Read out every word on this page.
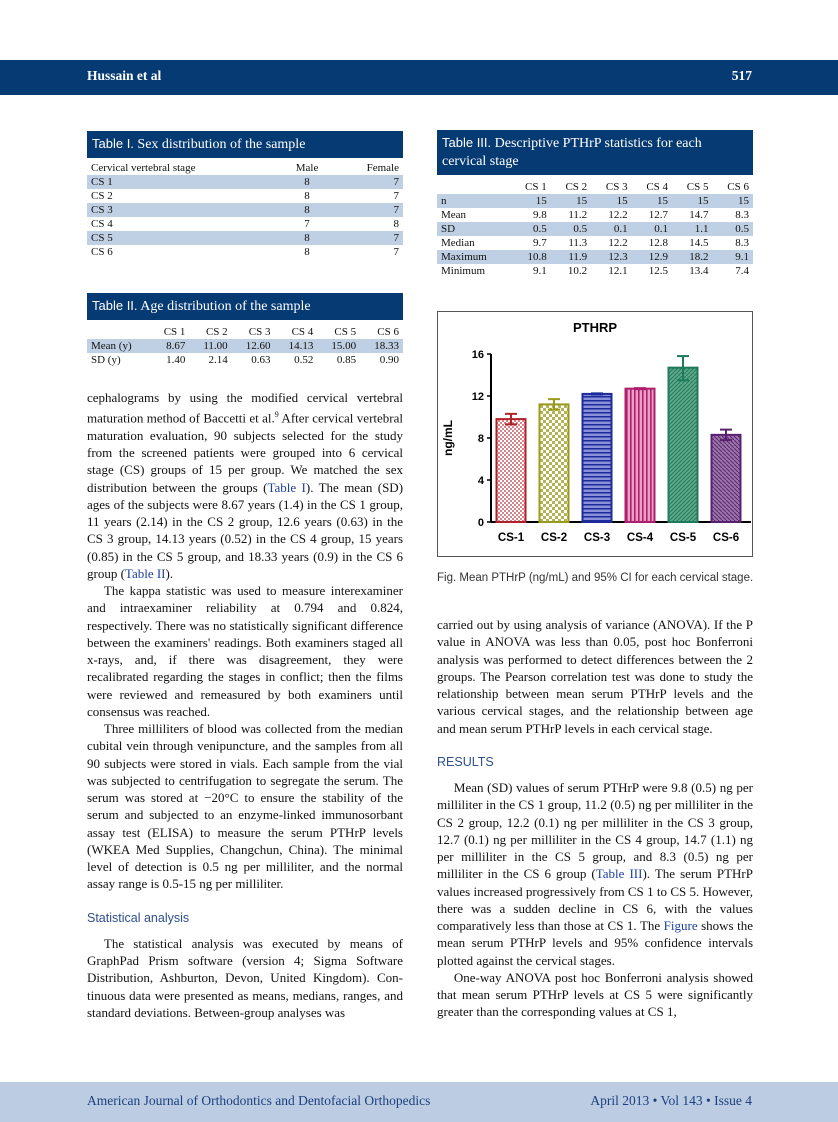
Hussain et al	517
Table I. Sex distribution of the sample
Cervical vertebral stage	Male	Female
CS 1	8	7
CS 2	8	7
CS 3	8	7
CS 4	7	8
CS 5	8	7
CS 6	8	7
Table II. Age distribution of the sample
	CS 1	CS 2	CS 3	CS 4	CS 5	CS 6
Mean (y)	8.67	11.00	12.60	14.13	15.00	18.33
SD (y)	1.40	2.14	0.63	0.52	0.85	0.90
Table III. Descriptive PTHrP statistics for each cervical stage
	CS 1	CS 2	CS 3	CS 4	CS 5	CS 6
n	15	15	15	15	15	15
Mean	9.8	11.2	12.2	12.7	14.7	8.3
SD	0.5	0.5	0.1	0.1	1.1	0.5
Median	9.7	11.3	12.2	12.8	14.5	8.3
Maximum	10.8	11.9	12.3	12.9	18.2	9.1
Minimum	9.1	10.2	12.1	12.5	13.4	7.4
PTHRP
ng/mL
0
4
8
12
16
CS-1 CS-2 CS-3 CS-4 CS-5 CS-6
Fig. Mean PTHrP (ng/mL) and 95% CI for each cervical stage.

cephalograms by using the modified cervical vertebral maturation method of Baccetti et al.$^9$ After cervical vertebral maturation evaluation, 90 subjects selected for the study from the screened patients were grouped into 6 cervical stage (CS) groups of 15 per group. We matched the sex distribution between the groups (Table I). The mean (SD) ages of the subjects were 8.67 years (1.4) in the CS 1 group, 11 years (2.14) in the CS 2 group, 12.6 years (0.63) in the CS 3 group, 14.13 years (0.52) in the CS 4 group, 15 years (0.85) in the CS 5 group, and 18.33 years (0.9) in the CS 6 group (Table II).

The kappa statistic was used to measure interexaminer and intraexaminer reliability at 0.794 and 0.824, respectively. There was no statistically significant difference between the examiners' readings. Both examiners staged all x-rays, and, if there was disagreement, they were recalibrated regarding the stages in conflict; then the films were reviewed and remeasured by both examiners until consensus was reached.

Three milliliters of blood was collected from the median cubital vein through venipuncture, and the samples from all 90 subjects were stored in vials. Each sample from the vial was subjected to centrifugation to segregate the serum. The serum was stored at −20°C to ensure the stability of the serum and subjected to an enzyme-linked immunosorbant assay test (ELISA) to measure the serum PTHrP levels (WKEA Med Supplies, Changchun, China). The minimal level of detection is 0.5 ng per milliliter, and the normal assay range is 0.5-15 ng per milliliter.

Statistical analysis

The statistical analysis was executed by means of GraphPad Prism software (version 4; Sigma Software Distribution, Ashburton, Devon, United Kingdom). Continuous data were presented as means, medians, ranges, and standard deviations. Between-group analyses was

carried out by using analysis of variance (ANOVA). If the P value in ANOVA was less than 0.05, post hoc Bonferroni analysis was performed to detect differences between the 2 groups. The Pearson correlation test was done to study the relationship between mean serum PTHrP levels and the various cervical stages, and the relationship between age and mean serum PTHrP levels in each cervical stage.

RESULTS

Mean (SD) values of serum PTHrP were 9.8 (0.5) ng per milliliter in the CS 1 group, 11.2 (0.5) ng per milliliter in the CS 2 group, 12.2 (0.1) ng per milliliter in the CS 3 group, 12.7 (0.1) ng per milliliter in the CS 4 group, 14.7 (1.1) ng per milliliter in the CS 5 group, and 8.3 (0.5) ng per milliliter in the CS 6 group (Table III). The serum PTHrP values increased progressively from CS 1 to CS 5. However, there was a sudden decline in CS 6, with the values comparatively less than those at CS 1. The Figure shows the mean serum PTHrP levels and 95% confidence intervals plotted against the cervical stages.

One-way ANOVA post hoc Bonferroni analysis showed that mean serum PTHrP levels at CS 5 were significantly greater than the corresponding values at CS 1,

American Journal of Orthodontics and Dentofacial Orthopedics	April 2013 • Vol 143 • Issue 4
